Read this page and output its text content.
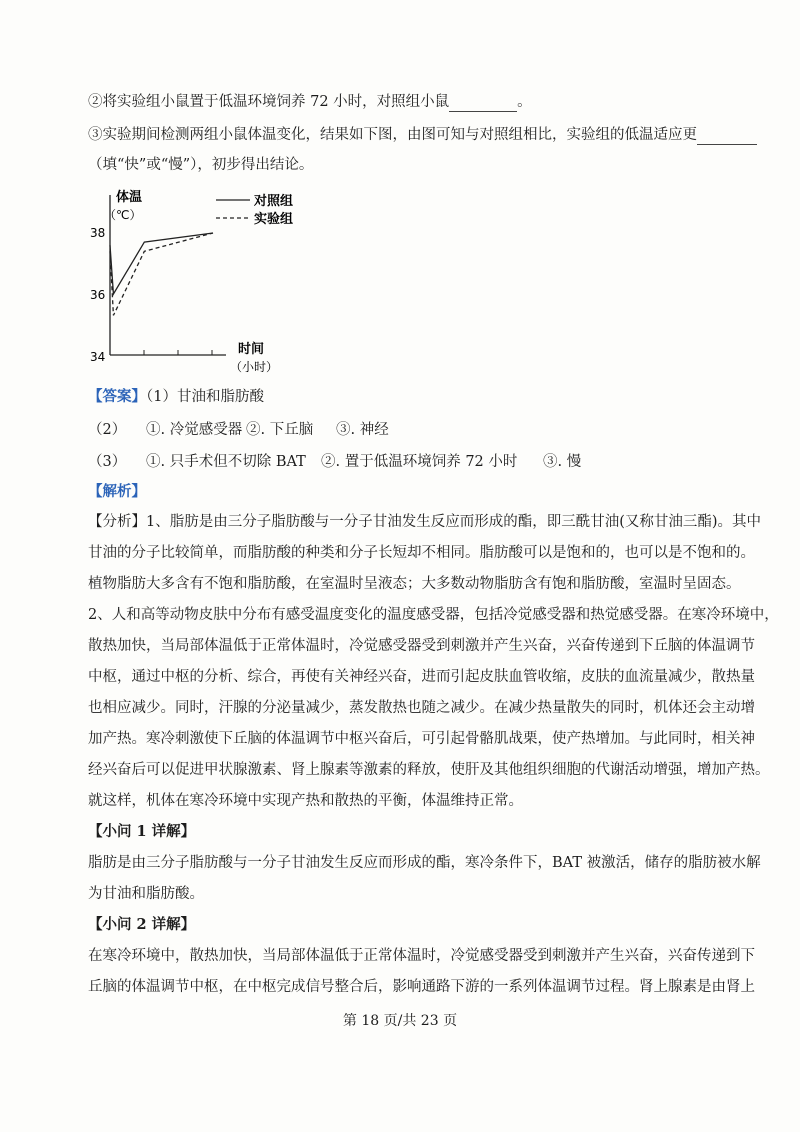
②将实验组小鼠置于低温环境饲养 72 小时，对照组小鼠	。
③实验期间检测两组小鼠体温变化，结果如下图，由图可知与对照组相比，实验组的低温适应更
（填“快”或“慢”），初步得出结论。
体温
（℃）
38
36
34
对照组
实验组
时间
（小时）
【答案】（1）甘油和脂肪酸
（2） ①. 冷觉感受器 ②. 下丘脑 ③. 神经
（3） ①. 只手术但不切除 BAT ②. 置于低温环境饲养 72 小时 ③. 慢
【解析】
【分析】1、脂肪是由三分子脂肪酸与一分子甘油发生反应而形成的酯，即三酰甘油(又称甘油三酯)。其中
甘油的分子比较简单，而脂肪酸的种类和分子长短却不相同。脂肪酸可以是饱和的，也可以是不饱和的。
植物脂肪大多含有不饱和脂肪酸，在室温时呈液态；大多数动物脂肪含有饱和脂肪酸，室温时呈固态。
2、人和高等动物皮肤中分布有感受温度变化的温度感受器，包括冷觉感受器和热觉感受器。在寒冷环境中，
散热加快，当局部体温低于正常体温时，冷觉感受器受到刺激并产生兴奋，兴奋传递到下丘脑的体温调节
中枢，通过中枢的分析、综合，再使有关神经兴奋，进而引起皮肤血管收缩，皮肤的血流量减少，散热量
也相应减少。同时，汗腺的分泌量减少，蒸发散热也随之减少。在减少热量散失的同时，机体还会主动增
加产热。寒冷刺激使下丘脑的体温调节中枢兴奋后，可引起骨骼肌战栗，使产热增加。与此同时，相关神
经兴奋后可以促进甲状腺激素、肾上腺素等激素的释放，使肝及其他组织细胞的代谢活动增强，增加产热。
就这样，机体在寒冷环境中实现产热和散热的平衡，体温维持正常。
【小问 1 详解】
脂肪是由三分子脂肪酸与一分子甘油发生反应而形成的酯，寒冷条件下，BAT 被激活，储存的脂肪被水解
为甘油和脂肪酸。
【小问 2 详解】
在寒冷环境中，散热加快，当局部体温低于正常体温时，冷觉感受器受到刺激并产生兴奋，兴奋传递到下
丘脑的体温调节中枢，在中枢完成信号整合后，影响通路下游的一系列体温调节过程。肾上腺素是由肾上
第 18 页/共 23 页
